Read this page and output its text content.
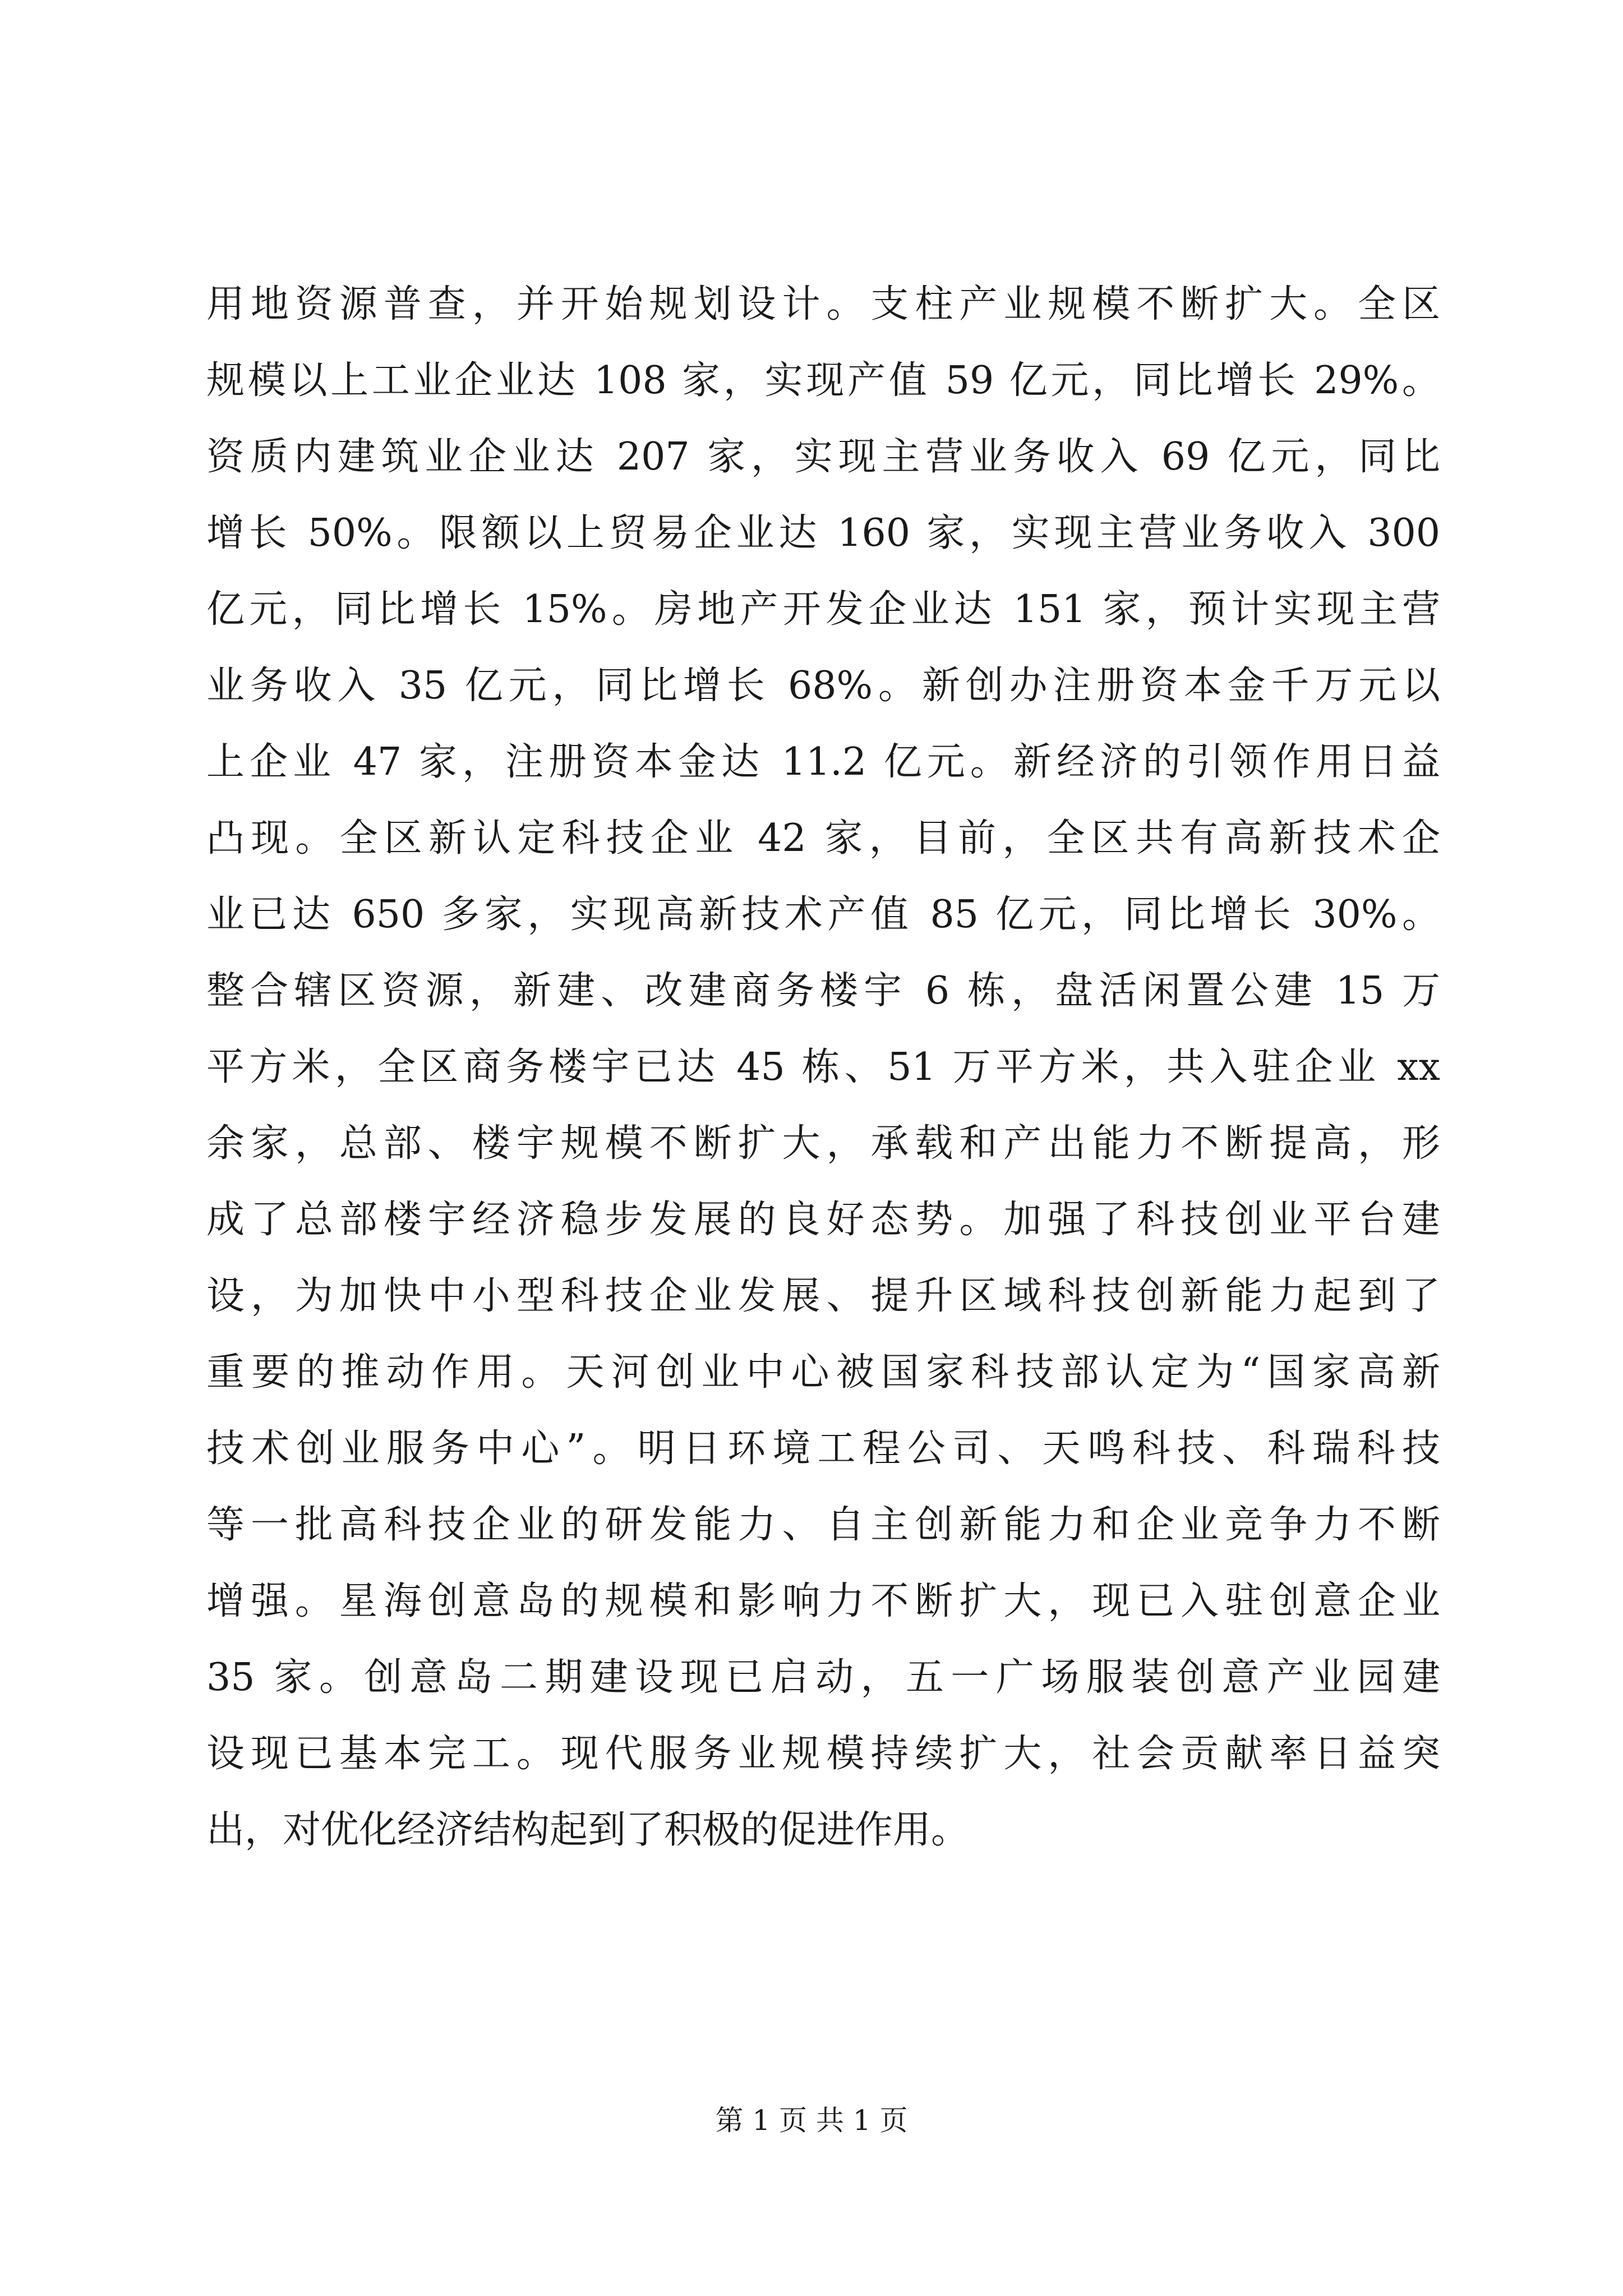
用地资源普查，并开始规划设计。支柱产业规模不断扩大。全区
规模以上工业企业达 108 家，实现产值 59 亿元，同比增长 29%。
资质内建筑业企业达 207 家，实现主营业务收入 69 亿元，同比
增长 50%。限额以上贸易企业达 160 家，实现主营业务收入 300
亿元，同比增长 15%。房地产开发企业达 151 家，预计实现主营
业务收入 35 亿元，同比增长 68%。新创办注册资本金千万元以
上企业 47 家，注册资本金达 11.2 亿元。新经济的引领作用日益
凸现。全区新认定科技企业 42 家，目前，全区共有高新技术企
业已达 650 多家，实现高新技术产值 85 亿元，同比增长 30%。
整合辖区资源，新建、改建商务楼宇 6 栋，盘活闲置公建 15 万
平方米，全区商务楼宇已达 45 栋、51 万平方米，共入驻企业 xx
余家，总部、楼宇规模不断扩大，承载和产出能力不断提高，形
成了总部楼宇经济稳步发展的良好态势。加强了科技创业平台建
设，为加快中小型科技企业发展、提升区域科技创新能力起到了
重要的推动作用。天河创业中心被国家科技部认定为“国家高新
技术创业服务中心”。明日环境工程公司、天鸣科技、科瑞科技
等一批高科技企业的研发能力、自主创新能力和企业竞争力不断
增强。星海创意岛的规模和影响力不断扩大，现已入驻创意企业
35 家。创意岛二期建设现已启动，五一广场服装创意产业园建
设现已基本完工。现代服务业规模持续扩大，社会贡献率日益突
出，对优化经济结构起到了积极的促进作用。
第 1 页 共 1 页
